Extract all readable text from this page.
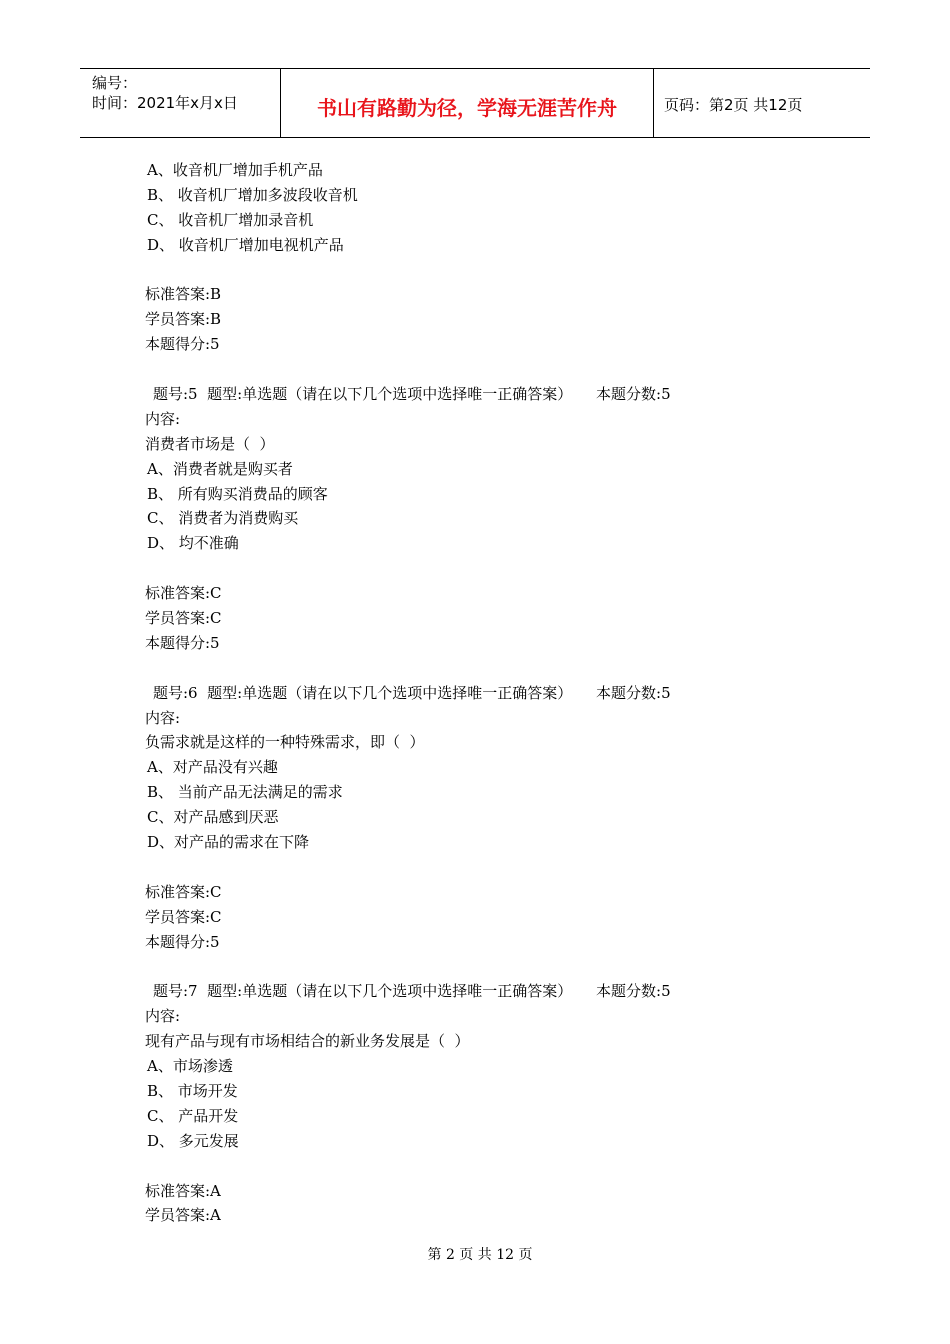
编号：
时间：2021年x月x日	书山有路勤为径，学海无涯苦作舟	页码：第2页 共12页
A、收音机厂增加手机产品
B、 收音机厂增加多波段收音机
C、 收音机厂增加录音机
D、 收音机厂增加电视机产品
标准答案:B
学员答案:B
本题得分:5
题号:5  题型:单选题（请在以下几个选项中选择唯一正确答案）     本题分数:5
内容:
消费者市场是（  ）
A、消费者就是购买者
B、 所有购买消费品的顾客
C、 消费者为消费购买
D、 均不准确
标准答案:C
学员答案:C
本题得分:5
题号:6  题型:单选题（请在以下几个选项中选择唯一正确答案）     本题分数:5
内容:
负需求就是这样的一种特殊需求，即（  ）
A、对产品没有兴趣
B、 当前产品无法满足的需求
C、对产品感到厌恶
D、对产品的需求在下降
标准答案:C
学员答案:C
本题得分:5
题号:7  题型:单选题（请在以下几个选项中选择唯一正确答案）     本题分数:5
内容:
现有产品与现有市场相结合的新业务发展是（  ）
A、市场渗透
B、 市场开发
C、 产品开发
D、 多元发展
标准答案:A
学员答案:A
第 2 页 共 12 页
